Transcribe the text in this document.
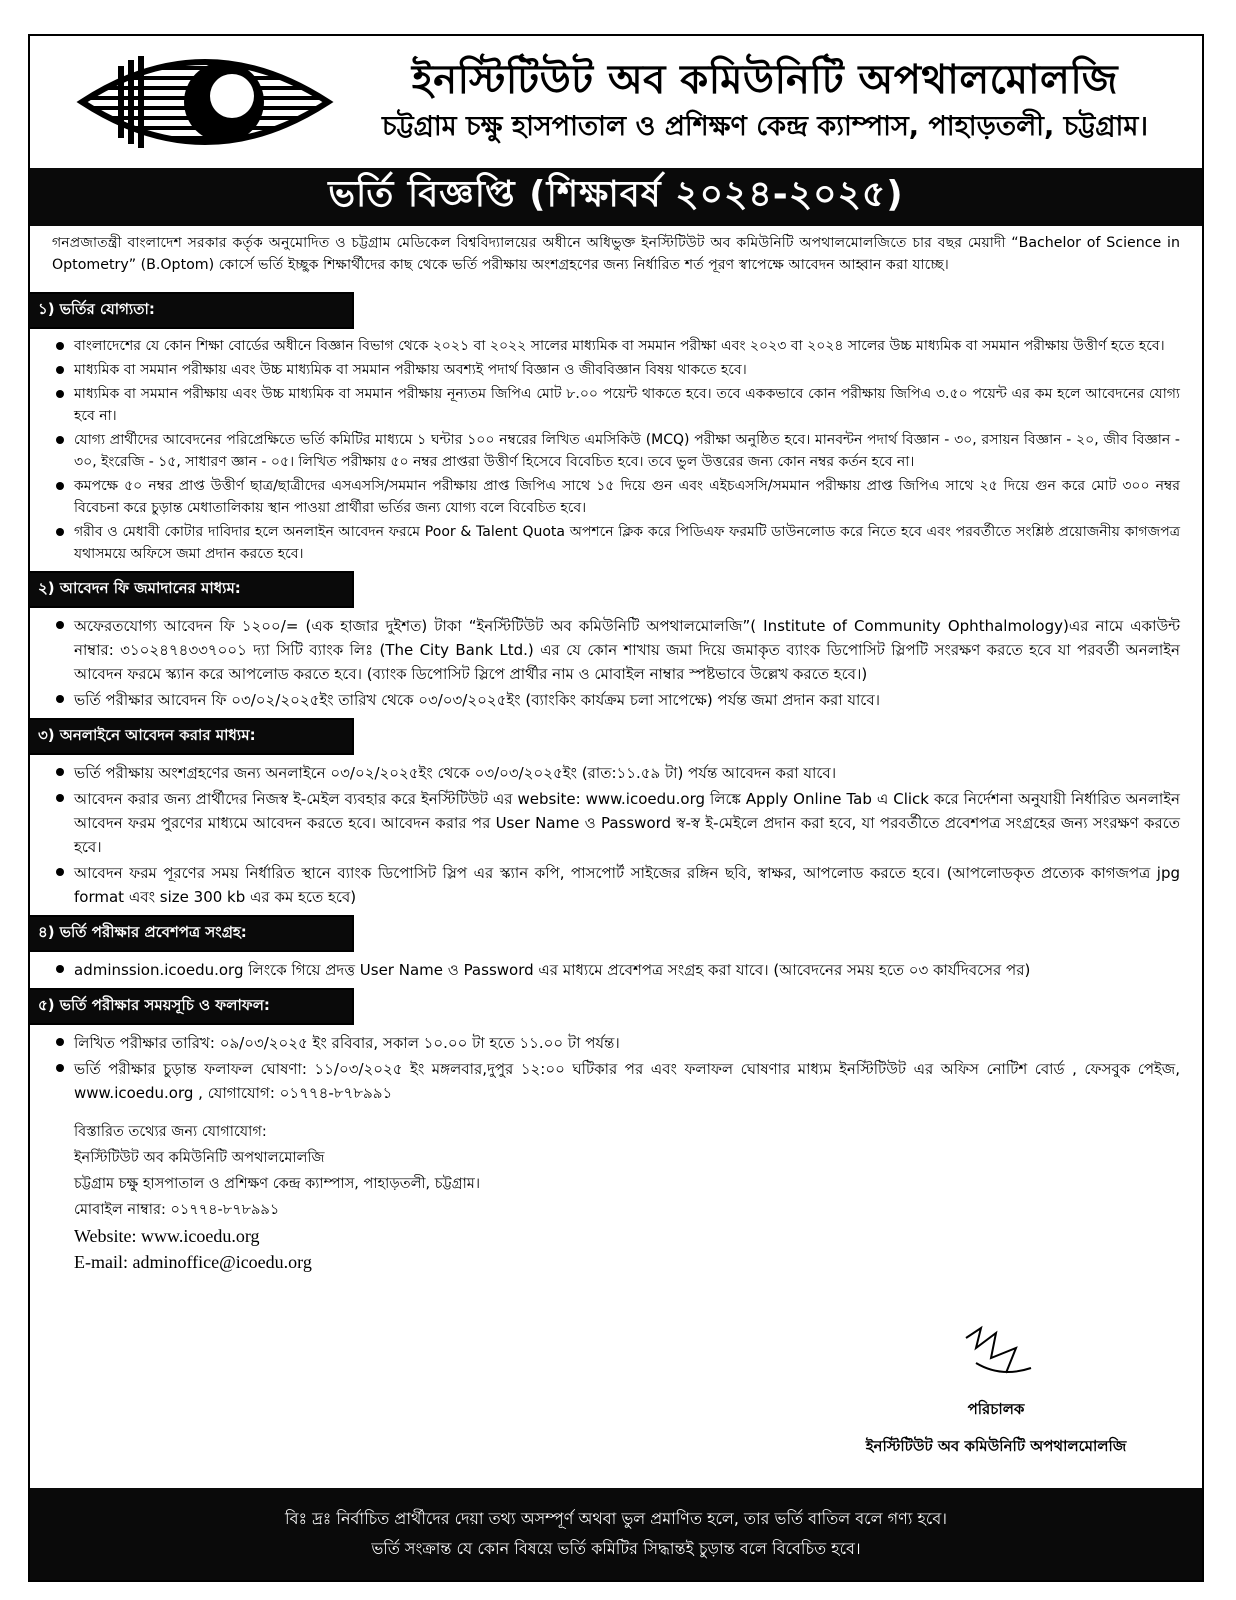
ইনস্টিটিউট অব কমিউনিটি অপথালমোলজি
চট্টগ্রাম চক্ষু হাসপাতাল ও প্রশিক্ষণ কেন্দ্র ক্যাম্পাস, পাহাড়তলী, চট্টগ্রাম।
ভর্তি বিজ্ঞপ্তি (শিক্ষাবর্ষ ২০২৪-২০২৫)

গনপ্রজাতন্ত্রী বাংলাদেশ সরকার কর্তৃক অনুমোদিত ও চট্টগ্রাম মেডিকেল বিশ্ববিদ্যালয়ের অধীনে অধিভুক্ত ইনস্টিটিউট অব কমিউনিটি অপথালমোলজিতে চার বছর মেয়াদী “Bachelor of Science in Optometry” (B.Optom) কোর্সে ভর্তি ইচ্ছুক শিক্ষার্থীদের কাছ থেকে ভর্তি পরীক্ষায় অংশগ্রহণের জন্য নির্ধারিত শর্ত পূরণ স্বাপেক্ষে আবেদন আহ্বান করা যাচ্ছে।

১) ভর্তির যোগ্যতা:
বাংলাদেশের যে কোন শিক্ষা বোর্ডের অধীনে বিজ্ঞান বিভাগ থেকে ২০২১ বা ২০২২ সালের মাধ্যমিক বা সমমান পরীক্ষা এবং ২০২৩ বা ২০২৪ সালের উচ্চ মাধ্যমিক বা সমমান পরীক্ষায় উত্তীর্ণ হতে হবে।
মাধ্যমিক বা সমমান পরীক্ষায় এবং উচ্চ মাধ্যমিক বা সমমান পরীক্ষায় অবশ্যই পদার্থ বিজ্ঞান ও জীববিজ্ঞান বিষয় থাকতে হবে।
মাধ্যমিক বা সমমান পরীক্ষায় এবং উচ্চ মাধ্যমিক বা সমমান পরীক্ষায় নূন্যতম জিপিএ মোট ৮.০০ পয়েন্ট থাকতে হবে। তবে এককভাবে কোন পরীক্ষায় জিপিএ ৩.৫০ পয়েন্ট এর কম হলে আবেদনের যোগ্য হবে না।
যোগ্য প্রার্থীদের আবেদনের পরিপ্রেক্ষিতে ভর্তি কমিটির মাধ্যমে ১ ঘন্টার ১০০ নম্বরের লিখিত এমসিকিউ (MCQ) পরীক্ষা অনুষ্ঠিত হবে। মানবন্টন পদার্থ বিজ্ঞান - ৩০, রসায়ন বিজ্ঞান - ২০, জীব বিজ্ঞান - ৩০, ইংরেজি - ১৫, সাধারণ জ্ঞান - ০৫। লিখিত পরীক্ষায় ৫০ নম্বর প্রাপ্তরা উত্তীর্ণ হিসেবে বিবেচিত হবে। তবে ভুল উত্তরের জন্য কোন নম্বর কর্তন হবে না।
কমপক্ষে ৫০ নম্বর প্রাপ্ত উত্তীর্ণ ছাত্র/ছাত্রীদের এসএসসি/সমমান পরীক্ষায় প্রাপ্ত জিপিএ সাথে ১৫ দিয়ে গুন এবং এইচএসসি/সমমান পরীক্ষায় প্রাপ্ত জিপিএ সাথে ২৫ দিয়ে গুন করে মোট ৩০০ নম্বর বিবেচনা করে চুড়ান্ত মেধাতালিকায় স্থান পাওয়া প্রার্থীরা ভর্তির জন্য যোগ্য বলে বিবেচিত হবে।
গরীব ও মেধাবী কোটার দাবিদার হলে অনলাইন আবেদন ফরমে Poor & Talent Quota অপশনে ক্লিক করে পিডিএফ ফরমটি ডাউনলোড করে নিতে হবে এবং পরবর্তীতে সংশ্লিষ্ঠ প্রয়োজনীয় কাগজপত্র যথাসময়ে অফিসে জমা প্রদান করতে হবে।
২) আবেদন ফি জমাদানের মাধ্যম:
অফেরতযোগ্য আবেদন ফি ১২০০/= (এক হাজার দুইশত) টাকা “ইনস্টিটিউট অব কমিউনিটি অপথালমোলজি”( Institute of Community Ophthalmology)এর নামে একাউন্ট নাম্বার: ৩১০২৪৭৪৩৩৭০০১ দ্যা সিটি ব্যাংক লিঃ (The City Bank Ltd.) এর যে কোন শাখায় জমা দিয়ে জমাকৃত ব্যাংক ডিপোসিট স্লিপটি সংরক্ষণ করতে হবে যা পরবর্তী অনলাইন আবেদন ফরমে স্ক্যান করে আপলোড করতে হবে। (ব্যাংক ডিপোসিট স্লিপে প্রার্থীর নাম ও মোবাইল নাম্বার স্পষ্টভাবে উল্লেখ করতে হবে।)
ভর্তি পরীক্ষার আবেদন ফি ০৩/০২/২০২৫ইং তারিখ থেকে ০৩/০৩/২০২৫ইং (ব্যাংকিং কার্যক্রম চলা সাপেক্ষে) পর্যন্ত জমা প্রদান করা যাবে।
৩) অনলাইনে আবেদন করার মাধ্যম:
ভর্তি পরীক্ষায় অংশগ্রহণের জন্য অনলাইনে ০৩/০২/২০২৫ইং থেকে ০৩/০৩/২০২৫ইং (রাত:১১.৫৯ টা) পর্যন্ত আবেদন করা যাবে।
আবেদন করার জন্য প্রার্থীদের নিজস্ব ই-মেইল ব্যবহার করে ইনস্টিটিউট এর website: www.icoedu.org লিঙ্কে Apply Online Tab এ Click করে নির্দেশনা অনুযায়ী নির্ধারিত অনলাইন আবেদন ফরম পুরণের মাধ্যমে আবেদন করতে হবে। আবেদন করার পর User Name ও Password স্ব-স্ব ই-মেইলে প্রদান করা হবে, যা পরবর্তীতে প্রবেশপত্র সংগ্রহের জন্য সংরক্ষণ করতে হবে।
আবেদন ফরম পূরণের সময় নির্ধারিত স্থানে ব্যাংক ডিপোসিট স্লিপ এর স্ক্যান কপি, পাসপোর্ট সাইজের রঙ্গিন ছবি, স্বাক্ষর, আপলোড করতে হবে। (আপলোডকৃত প্রত্যেক কাগজপত্র jpg format এবং size 300 kb এর কম হতে হবে)
৪) ভর্তি পরীক্ষার প্রবেশপত্র সংগ্রহ:
adminssion.icoedu.org লিংকে গিয়ে প্রদত্ত User Name ও Password এর মাধ্যমে প্রবেশপত্র সংগ্রহ করা যাবে। (আবেদনের সময় হতে ০৩ কার্যদিবসের পর)
৫) ভর্তি পরীক্ষার সময়সূচি ও ফলাফল:
লিখিত পরীক্ষার তারিখ: ০৯/০৩/২০২৫ ইং রবিবার, সকাল ১০.০০ টা হতে ১১.০০ টা পর্যন্ত।
ভর্তি পরীক্ষার চুড়ান্ত ফলাফল ঘোষণা: ১১/০৩/২০২৫ ইং মঙ্গলবার,দুপুর ১২:০০ ঘটিকার পর এবং ফলাফল ঘোষণার মাধ্যম ইনস্টিটিউট এর অফিস নোটিশ বোর্ড , ফেসবুক পেইজ, www.icoedu.org , যোগাযোগ: ০১৭৭৪-৮৭৮৯৯১
বিস্তারিত তথ্যের জন্য যোগাযোগ:
ইনস্টিটিউট অব কমিউনিটি অপথালমোলজি
চট্টগ্রাম চক্ষু হাসপাতাল ও প্রশিক্ষণ কেন্দ্র ক্যাম্পাস, পাহাড়তলী, চট্টগ্রাম।
মোবাইল নাম্বার: ০১৭৭৪-৮৭৮৯৯১
Website: www.icoedu.org
E-mail: adminoffice@icoedu.org
পরিচালক
ইনস্টিটিউট অব কমিউনিটি অপথালমোলজি
বিঃ দ্রঃ নির্বাচিত প্রার্থীদের দেয়া তথ্য অসম্পূর্ণ অথবা ভুল প্রমাণিত হলে, তার ভর্তি বাতিল বলে গণ্য হবে।
ভর্তি সংক্রান্ত যে কোন বিষয়ে ভর্তি কমিটির সিদ্ধান্তই চুড়ান্ত বলে বিবেচিত হবে।
